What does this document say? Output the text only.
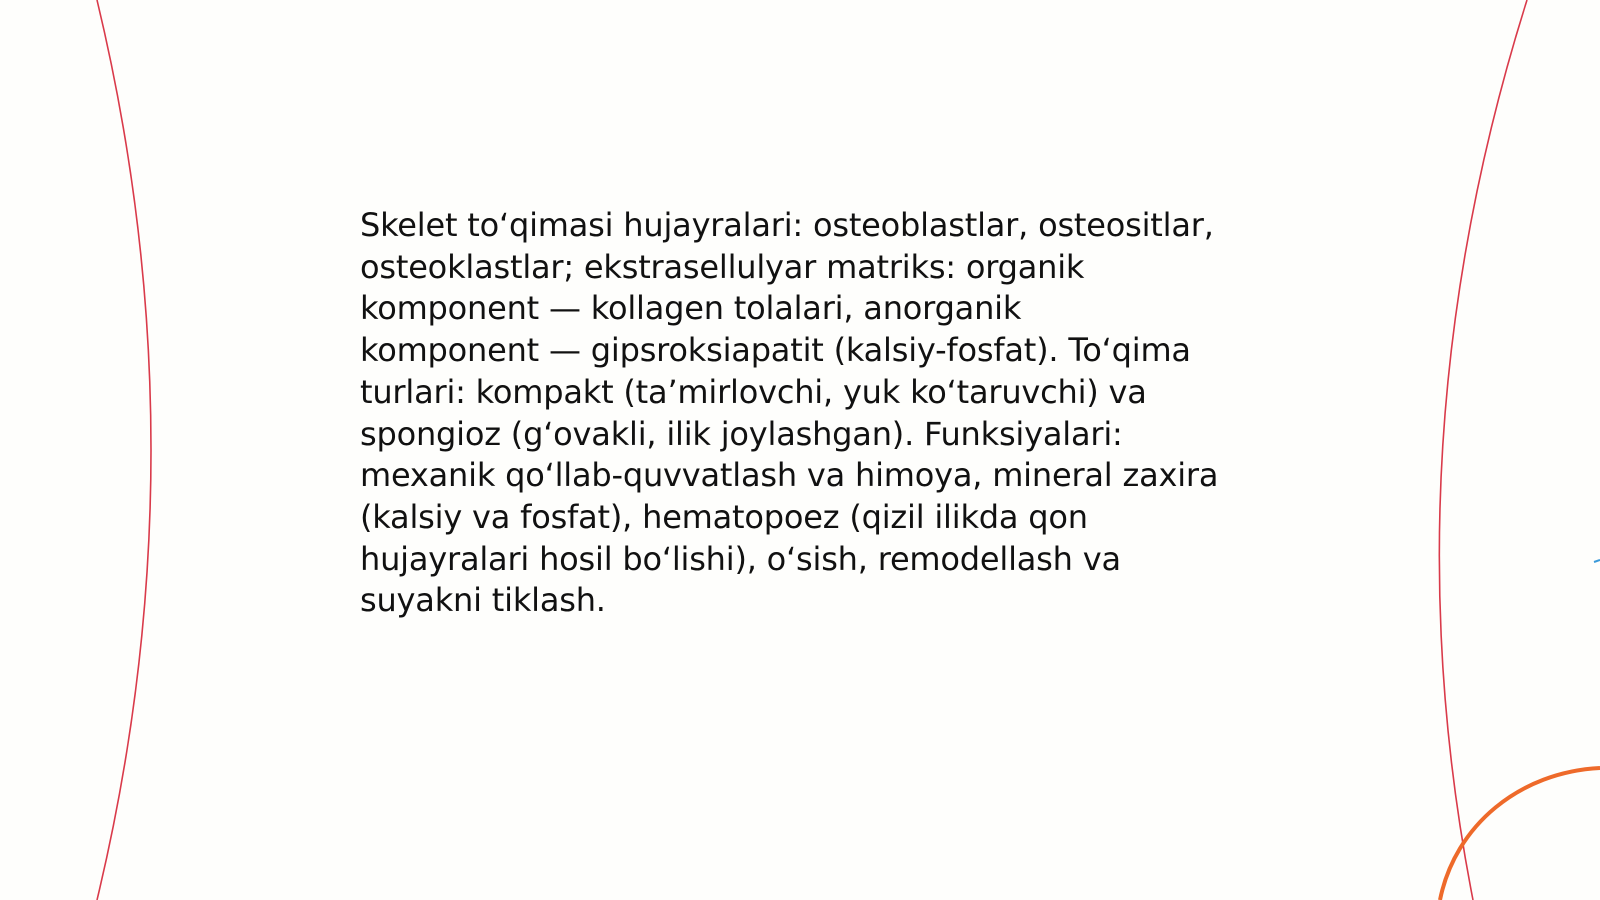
Skelet to‘qimasi hujayralari: osteoblastlar, osteositlar,
osteoklastlar; ekstrasellulyar matriks: organik
komponent — kollagen tolalari, anorganik
komponent — gipsroksiapatit (kalsiy-fosfat). To‘qima
turlari: kompakt (ta’mirlovchi, yuk ko‘taruvchi) va
spongioz (g‘ovakli, ilik joylashgan). Funksiyalari:
mexanik qo‘llab-quvvatlash va himoya, mineral zaxira
(kalsiy va fosfat), hematopoez (qizil ilikda qon
hujayralari hosil bo‘lishi), o‘sish, remodellash va
suyakni tiklash.
